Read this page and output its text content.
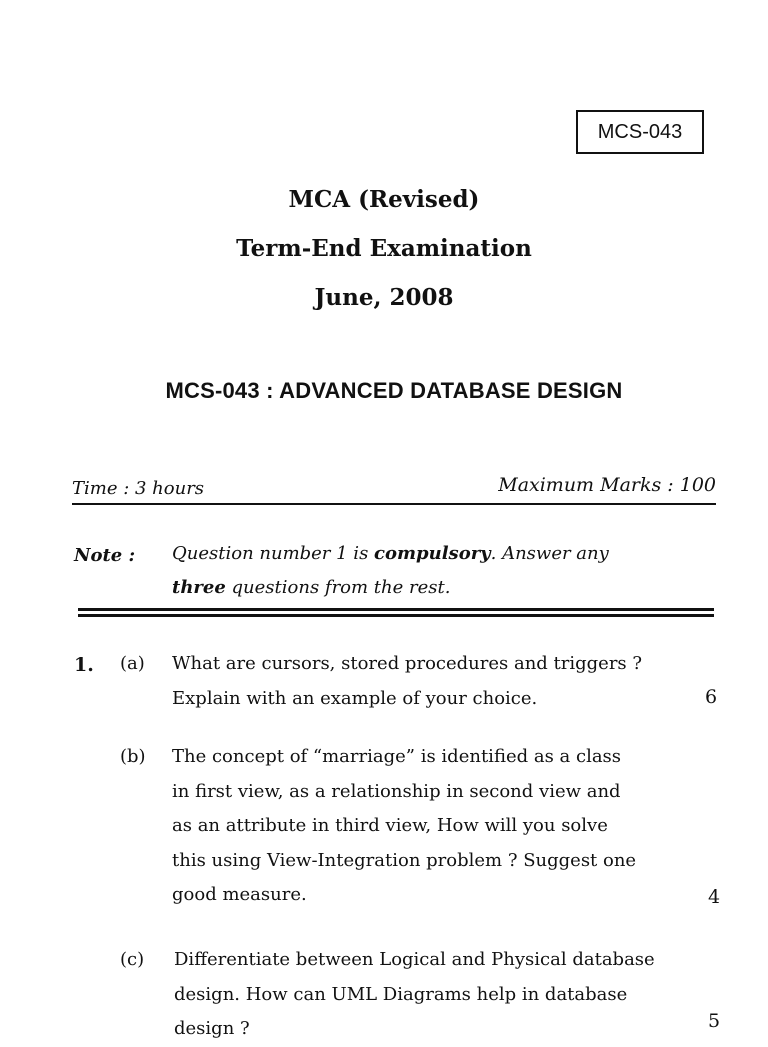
MCS-043
MCA (Revised)
Term-End Examination
June, 2008
MCS-043 : ADVANCED DATABASE DESIGN
Time : 3 hours	Maximum Marks : 100
Note : Question number 1 is compulsory. Answer any
three questions from the rest.
1. (a) What are cursors, stored procedures and triggers ?
Explain with an example of your choice.	6
(b) The concept of “marriage” is identified as a class
in first view, as a relationship in second view and
as an attribute in third view, How will you solve
this using View-Integration problem ? Suggest one
good measure.	4
(c) Differentiate between Logical and Physical database
design. How can UML Diagrams help in database
design ?	5
